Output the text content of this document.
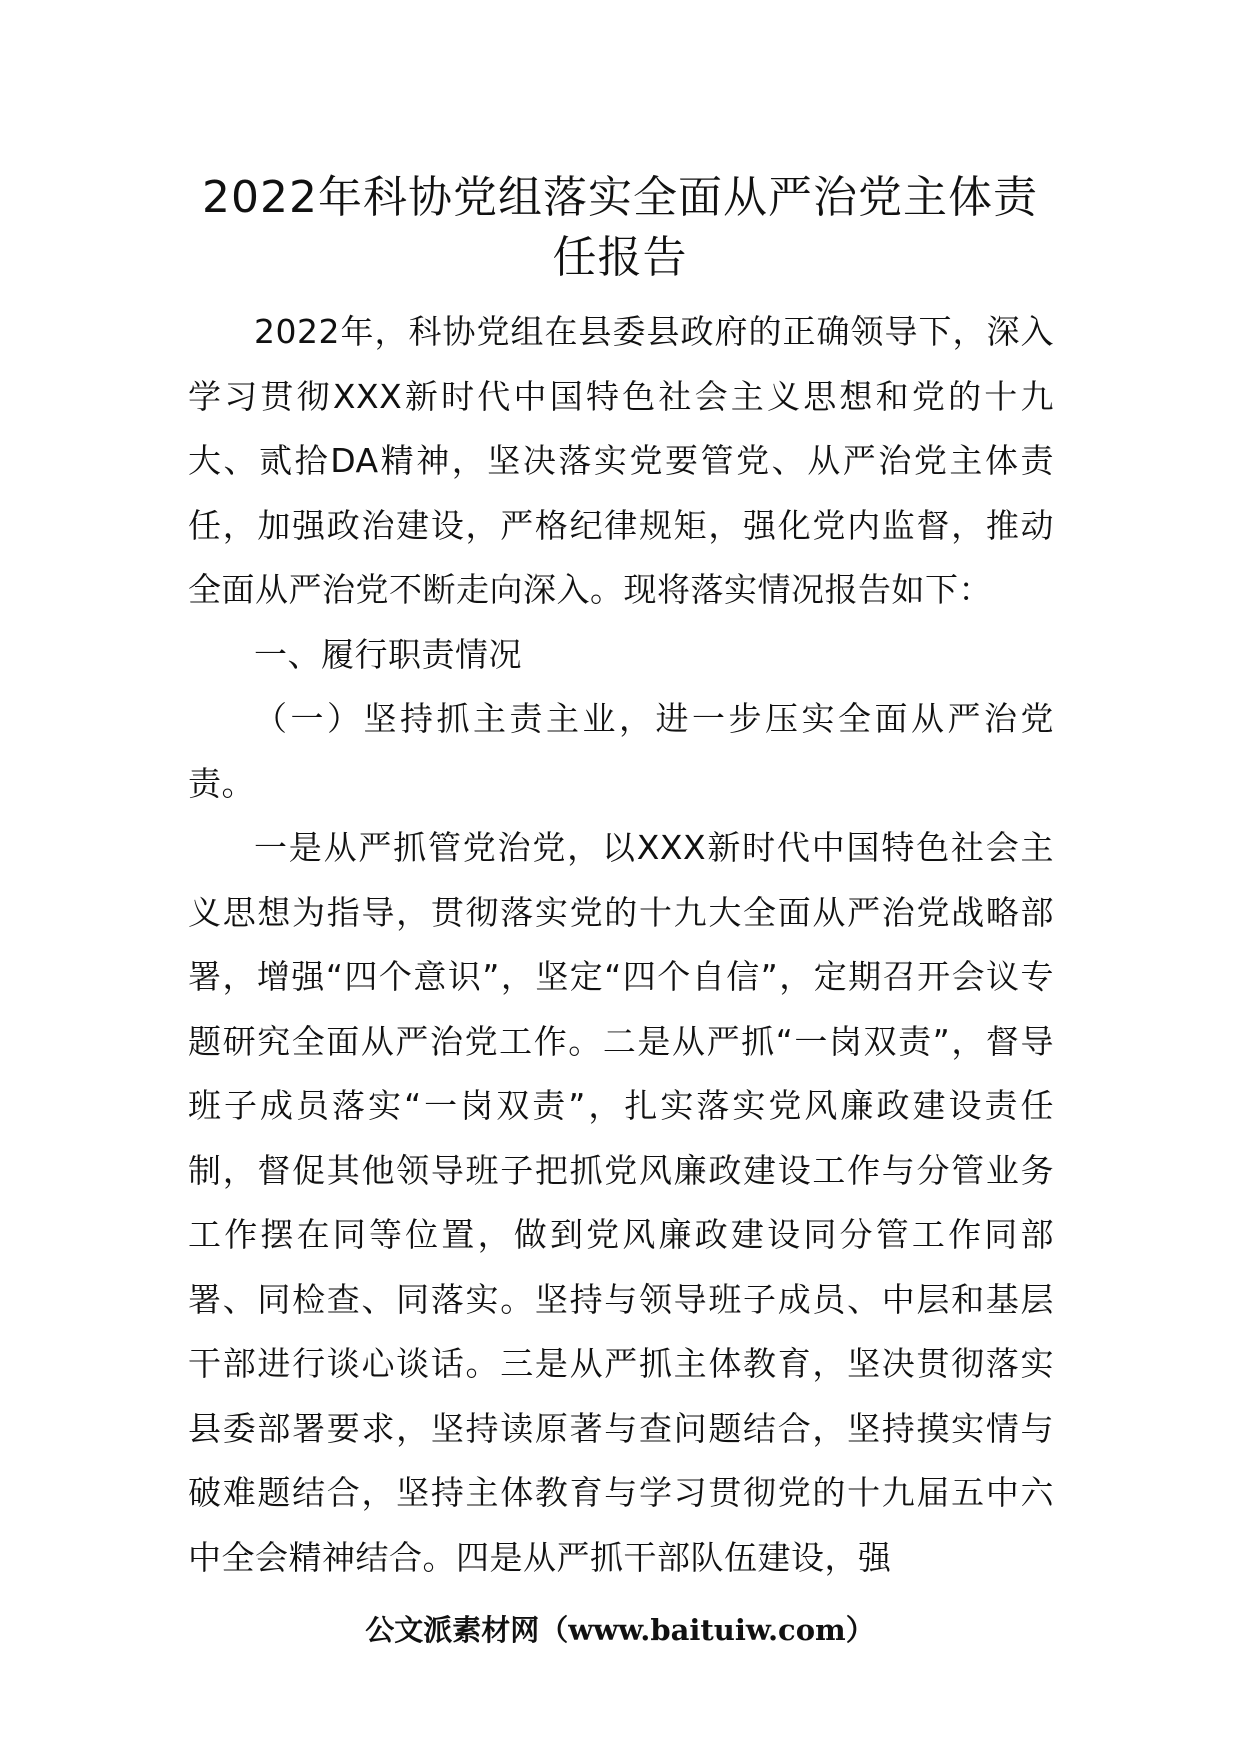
2022年科协党组落实全面从严治党主体责任报告

2022年，科协党组在县委县政府的正确领导下，深入学习贯彻XXX新时代中国特色社会主义思想和党的十九大、贰拾DA精神，坚决落实党要管党、从严治党主体责任，加强政治建设，严格纪律规矩，强化党内监督，推动全面从严治党不断走向深入。现将落实情况报告如下：

一、履行职责情况

（一）坚持抓主责主业，进一步压实全面从严治党责。

一是从严抓管党治党，以XXX新时代中国特色社会主义思想为指导，贯彻落实党的十九大全面从严治党战略部署，增强“四个意识”，坚定“四个自信”，定期召开会议专题研究全面从严治党工作。二是从严抓“一岗双责”，督导班子成员落实“一岗双责”，扎实落实党风廉政建设责任制，督促其他领导班子把抓党风廉政建设工作与分管业务工作摆在同等位置，做到党风廉政建设同分管工作同部署、同检查、同落实。坚持与领导班子成员、中层和基层干部进行谈心谈话。三是从严抓主体教育，坚决贯彻落实县委部署要求，坚持读原著与查问题结合，坚持摸实情与破难题结合，坚持主体教育与学习贯彻党的十九届五中六中全会精神结合。四是从严抓干部队伍建设，强

公文派素材网（www.baituiw.com）
